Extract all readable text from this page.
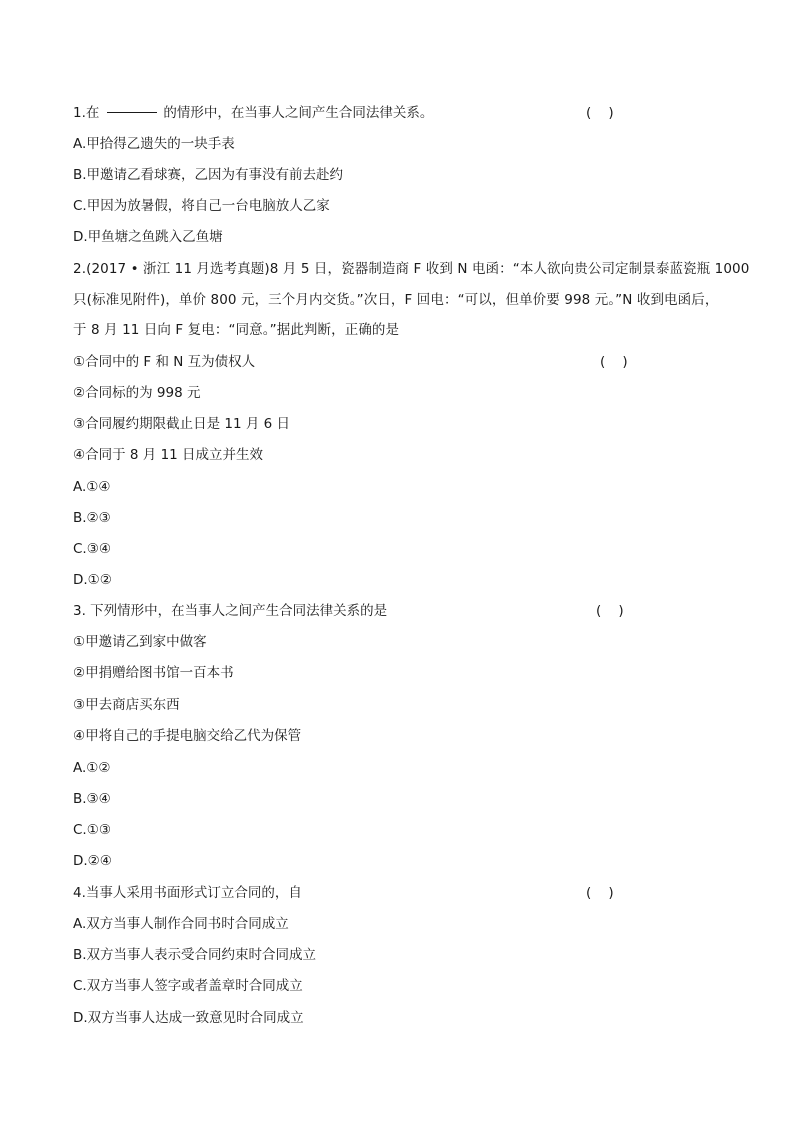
1.在	的情形中，在当事人之间产生合同法律关系。	(    )
A.甲拾得乙遗失的一块手表
B.甲邀请乙看球赛，乙因为有事没有前去赴约
C.甲因为放暑假，将自己一台电脑放人乙家
D.甲鱼塘之鱼跳入乙鱼塘
2.(2017 • 浙江 11 月选考真题)8 月 5 日，瓷器制造商 F 收到 N 电函：“本人欲向贵公司定制景泰蓝瓷瓶 1000
只(标准见附件)，单价 800 元，三个月内交货。”次日，F 回电：“可以，但单价要 998 元。”N 收到电函后，
于 8 月 11 日向 F 复电：“同意。”据此判断，正确的是
①合同中的 F 和 N 互为债权人	(    )
②合同标的为 998 元
③合同履约期限截止日是 11 月 6 日
④合同于 8 月 11 日成立并生效
A.①④
B.②③
C.③④
D.①②
3. 下列情形中，在当事人之间产生合同法律关系的是	(    )
①甲邀请乙到家中做客
②甲捐赠给图书馆一百本书
③甲去商店买东西
④甲将自己的手提电脑交给乙代为保管
A.①②
B.③④
C.①③
D.②④
4.当事人采用书面形式订立合同的，自	(    )
A.双方当事人制作合同书时合同成立
B.双方当事人表示受合同约束时合同成立
C.双方当事人签字或者盖章时合同成立
D.双方当事人达成一致意见时合同成立
